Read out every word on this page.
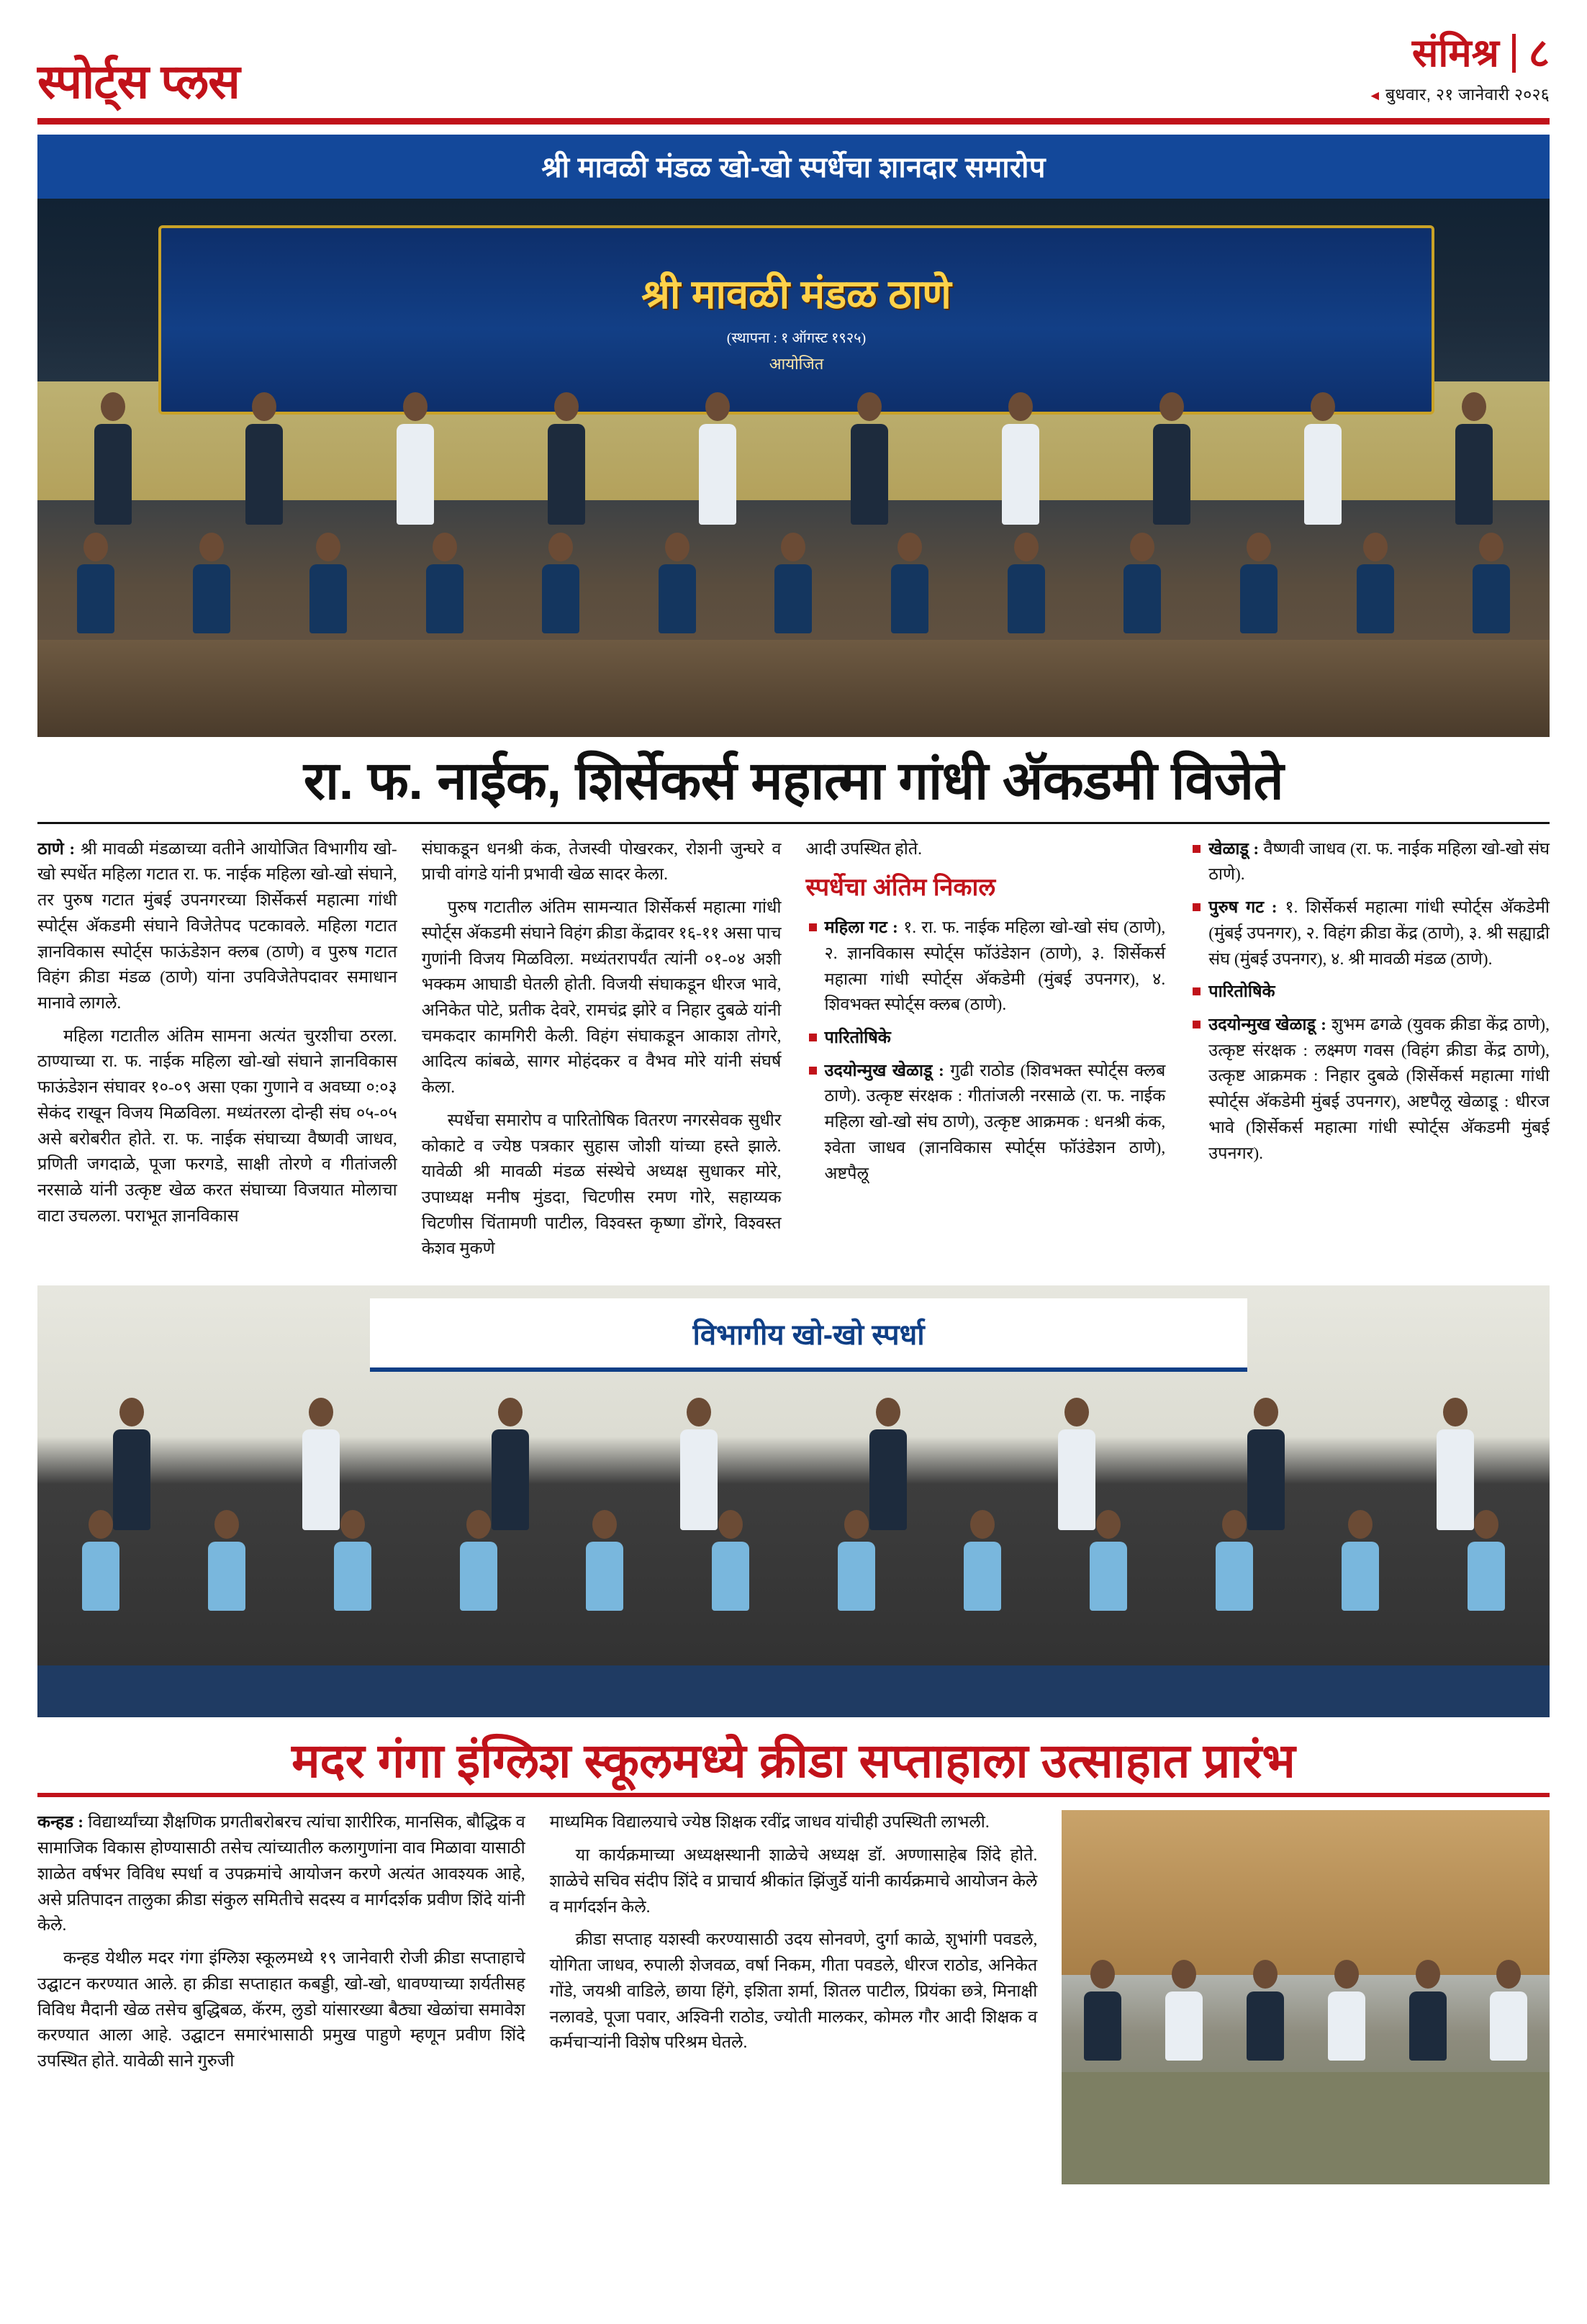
स्पोर्ट्स प्लस
संमिश्र ८
◄ बुधवार, २१ जानेवारी २०२६
श्री मावळी मंडळ खो-खो स्पर्धेचा शानदार समारोप
श्री मावळी मंडळ ठाणे
(स्थापना : १ ऑगस्ट १९२५)
आयोजित
रा. फ. नाईक, शिर्सेकर्स महात्मा गांधी अ‍ॅकडमी विजेते

ठाणे : श्री मावळी मंडळाच्या वतीने आयोजित विभागीय खो-खो स्पर्धेत महिला गटात रा. फ. नाईक महिला खो-खो संघाने, तर पुरुष गटात मुंबई उपनगरच्या शिर्सेकर्स महात्मा गांधी स्पोर्ट्स अ‍ॅकडमी संघाने विजेतेपद पटकावले. महिला गटात ज्ञानविकास स्पोर्ट्स फाऊंडेशन क्लब (ठाणे) व पुरुष गटात विहंग क्रीडा मंडळ (ठाणे) यांना उपविजेतेपदावर समाधान मानावे लागले.

महिला गटातील अंतिम सामना अत्यंत चुरशीचा ठरला. ठाण्याच्या रा. फ. नाईक महिला खो-खो संघाने ज्ञानविकास फाऊंडेशन संघावर १०-०९ असा एका गुणाने व अवघ्या ०:०३ सेकंद राखून विजय मिळविला. मध्यंतरला दोन्ही संघ ०५-०५ असे बरोबरीत होते. रा. फ. नाईक संघाच्या वैष्णवी जाधव, प्रणिती जगदाळे, पूजा फरगडे, साक्षी तोरणे व गीतांजली नरसाळे यांनी उत्कृष्ट खेळ करत संघाच्या विजयात मोलाचा वाटा उचलला. पराभूत ज्ञानविकास

संघाकडून धनश्री कंक, तेजस्वी पोखरकर, रोशनी जुन्घरे व प्राची वांगडे यांनी प्रभावी खेळ सादर केला.

पुरुष गटातील अंतिम सामन्यात शिर्सेकर्स महात्मा गांधी स्पोर्ट्स अ‍ॅकडमी संघाने विहंग क्रीडा केंद्रावर १६-११ असा पाच गुणांनी विजय मिळविला. मध्यंतरापर्यंत त्यांनी ०१-०४ अशी भक्कम आघाडी घेतली होती. विजयी संघाकडून धीरज भावे, अनिकेत पोटे, प्रतीक देवरे, रामचंद्र झोरे व निहार दुबळे यांनी चमकदार कामगिरी केली. विहंग संघाकडून आकाश तोगरे, आदित्य कांबळे, सागर मोहंदकर व वैभव मोरे यांनी संघर्ष केला.

स्पर्धेचा समारोप व पारितोषिक वितरण नगरसेवक सुधीर कोकाटे व ज्येष्ठ पत्रकार सुहास जोशी यांच्या हस्ते झाले. यावेळी श्री मावळी मंडळ संस्थेचे अध्यक्ष सुधाकर मोरे, उपाध्यक्ष मनीष मुंडदा, चिटणीस रमण गोरे, सहाय्यक चिटणीस चिंतामणी पाटील, विश्वस्त कृष्णा डोंगरे, विश्वस्त केशव मुकणे

आदी उपस्थित होते.

स्पर्धेचा अंतिम निकाल
महिला गट : १. रा. फ. नाईक महिला खो-खो संघ (ठाणे), २. ज्ञानविकास स्पोर्ट्स फॉउंडेशन (ठाणे), ३. शिर्सेकर्स महात्मा गांधी स्पोर्ट्स अ‍ॅकडेमी (मुंबई उपनगर), ४. शिवभक्त स्पोर्ट्स क्लब (ठाणे).
पारितोषिके
उदयोन्मुख खेळाडू : गुढी राठोड (शिवभक्त स्पोर्ट्स क्लब ठाणे). उत्कृष्ट संरक्षक : गीतांजली नरसाळे (रा. फ. नाईक महिला खो-खो संघ ठाणे), उत्कृष्ट आक्रमक : धनश्री कंक, श्वेता जाधव (ज्ञानविकास स्पोर्ट्स फॉउंडेशन ठाणे), अष्टपैलू
खेळाडू : वैष्णवी जाधव (रा. फ. नाईक महिला खो-खो संघ ठाणे).
पुरुष गट : १. शिर्सेकर्स महात्मा गांधी स्पोर्ट्स अ‍ॅकडेमी (मुंबई उपनगर), २. विहंग क्रीडा केंद्र (ठाणे), ३. श्री सह्याद्री संघ (मुंबई उपनगर), ४. श्री मावळी मंडळ (ठाणे).
पारितोषिके
उदयोन्मुख खेळाडू : शुभम ढगळे (युवक क्रीडा केंद्र ठाणे), उत्कृष्ट संरक्षक : लक्ष्मण गवस (विहंग क्रीडा केंद्र ठाणे), उत्कृष्ट आक्रमक : निहार दुबळे (शिर्सेकर्स महात्मा गांधी स्पोर्ट्स अ‍ॅकडेमी मुंबई उपनगर), अष्टपैलू खेळाडू : धीरज भावे (शिर्सेकर्स महात्मा गांधी स्पोर्ट्स अ‍ॅकडमी मुंबई उपनगर).
विभागीय खो-खो स्पर्धा
मदर गंगा इंग्लिश स्कूलमध्ये क्रीडा सप्ताहाला उत्साहात प्रारंभ

कन्हड : विद्यार्थ्यांच्या शैक्षणिक प्रगतीबरोबरच त्यांचा शारीरिक, मानसिक, बौद्धिक व सामाजिक विकास होण्यासाठी तसेच त्यांच्यातील कलागुणांना वाव मिळावा यासाठी शाळेत वर्षभर विविध स्पर्धा व उपक्रमांचे आयोजन करणे अत्यंत आवश्यक आहे, असे प्रतिपादन तालुका क्रीडा संकुल समितीचे सदस्य व मार्गदर्शक प्रवीण शिंदे यांनी केले.

कन्हड येथील मदर गंगा इंग्लिश स्कूलमध्ये १९ जानेवारी रोजी क्रीडा सप्ताहाचे उद्घाटन करण्यात आले. हा क्रीडा सप्ताहात कबड्डी, खो-खो, धावण्याच्या शर्यतीसह विविध मैदानी खेळ तसेच बुद्धिबळ, कॅरम, लुडो यांसारख्या बैठ्या खेळांचा समावेश करण्यात आला आहे. उद्घाटन समारंभासाठी प्रमुख पाहुणे म्हणून प्रवीण शिंदे उपस्थित होते. यावेळी साने गुरुजी

माध्यमिक विद्यालयाचे ज्येष्ठ शिक्षक रवींद्र जाधव यांचीही उपस्थिती लाभली.

या कार्यक्रमाच्या अध्यक्षस्थानी शाळेचे अध्यक्ष डॉ. अण्णासाहेब शिंदे होते. शाळेचे सचिव संदीप शिंदे व प्राचार्य श्रीकांत झिंजुर्डे यांनी कार्यक्रमाचे आयोजन केले व मार्गदर्शन केले.

क्रीडा सप्ताह यशस्वी करण्यासाठी उदय सोनवणे, दुर्गा काळे, शुभांगी पवडले, योगिता जाधव, रुपाली शेजवळ, वर्षा निकम, गीता पवडले, धीरज राठोड, अनिकेत गोंडे, जयश्री वाडिले, छाया हिंगे, इशिता शर्मा, शितल पाटील, प्रियंका छत्रे, मिनाक्षी नलावडे, पूजा पवार, अश्विनी राठोड, ज्योती मालकर, कोमल गौर आदी शिक्षक व कर्मचाऱ्यांनी विशेष परिश्रम घेतले.
